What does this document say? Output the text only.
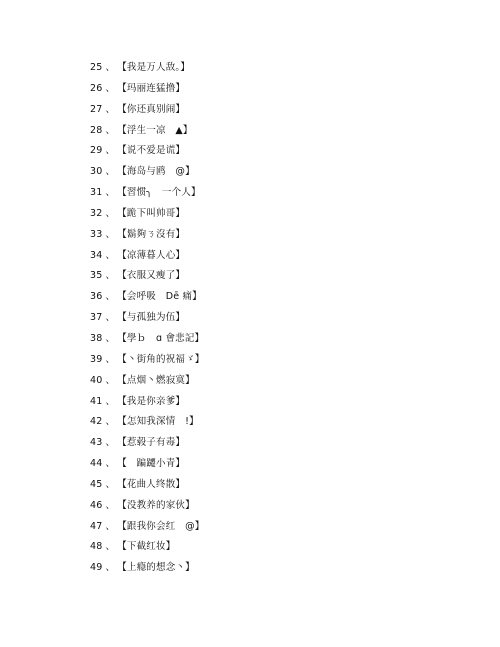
25 、 【我是万人敌。】
26 、 【玛丽连猛撸】
27 、 【你还真别闹】
28 、 【浮生一凉　▲】
29 、 【说不爱是谎】
30 、 【海岛与鸥　@】
31 、 【習惯╮　一个人】
32 、 【跪下叫帅哥】
33 、 【鬍夠ㄋ沒有】
34 、 【凉薄暮人心】
35 、 【衣服又瘦了】
36 、 【会呼吸　Dē 痛】
37 、 【与孤独为伍】
38 、 【學ｂ　ɑ 會悲記】
39 、 【丶街角的祝福ゞ】
40 、 【点烟丶燃寂寞】
41 、 【我是你亲爹】
42 、 【怎知我深情　!】
43 、 【惹毂子有毒】
44 、 【　蹁躚小青】
45 、 【花曲人终散】
46 、 【没教养的家伙】
47 、 【跟我你会红　@】
48 、 【下截红妆】
49 、 【上瘾的想念丶】
